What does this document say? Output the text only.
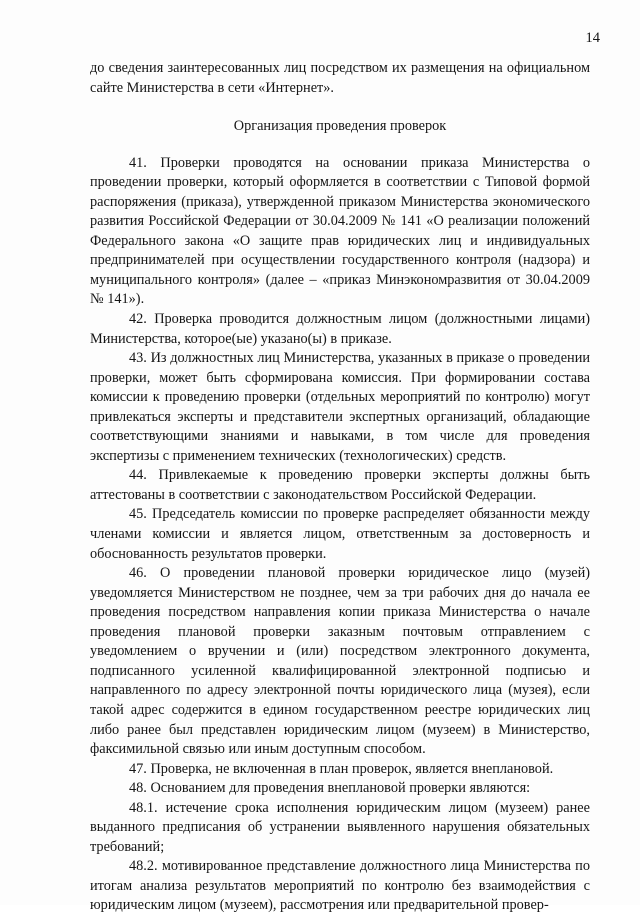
14

до сведения заинтересованных лиц посредством их размещения на официальном сайте Министерства в сети «Интернет».

Организация проведения проверок

41. Проверки проводятся на основании приказа Министерства о проведении проверки, который оформляется в соответствии с Типовой формой распоряжения (приказа), утвержденной приказом Министерства экономического развития Российской Федерации от 30.04.2009 № 141 «О реализации положений Федерального закона «О защите прав юридических лиц и индивидуальных предпринимателей при осуществлении государственного контроля (надзора) и муниципального контроля» (далее – «приказ Минэкономразвития от 30.04.2009 № 141»).

42. Проверка проводится должностным лицом (должностными лицами) Министерства, которое(ые) указано(ы) в приказе.

43. Из должностных лиц Министерства, указанных в приказе о проведении проверки, может быть сформирована комиссия. При формировании состава комиссии к проведению проверки (отдельных мероприятий по контролю) могут привлекаться эксперты и представители экспертных организаций, обладающие соответствующими знаниями и навыками, в том числе для проведения экспертизы с применением технических (технологических) средств.

44. Привлекаемые к проведению проверки эксперты должны быть аттестованы в соответствии с законодательством Российской Федерации.

45. Председатель комиссии по проверке распределяет обязанности между членами комиссии и является лицом, ответственным за достоверность и обоснованность результатов проверки.

46. О проведении плановой проверки юридическое лицо (музей) уведомляется Министерством не позднее, чем за три рабочих дня до начала ее проведения посредством направления копии приказа Министерства о начале проведения плановой проверки заказным почтовым отправлением с уведомлением о вручении и (или) посредством электронного документа, подписанного усиленной квалифицированной электронной подписью и направленного по адресу электронной почты юридического лица (музея), если такой адрес содержится в едином государственном реестре юридических лиц либо ранее был представлен юридическим лицом (музеем) в Министерство, факсимильной связью или иным доступным способом.

47. Проверка, не включенная в план проверок, является внеплановой.

48. Основанием для проведения внеплановой проверки являются:

48.1. истечение срока исполнения юридическим лицом (музеем) ранее выданного предписания об устранении выявленного нарушения обязательных требований;

48.2. мотивированное представление должностного лица Министерства по итогам анализа результатов мероприятий по контролю без взаимодействия с юридическим лицом (музеем), рассмотрения или предварительной провер-
